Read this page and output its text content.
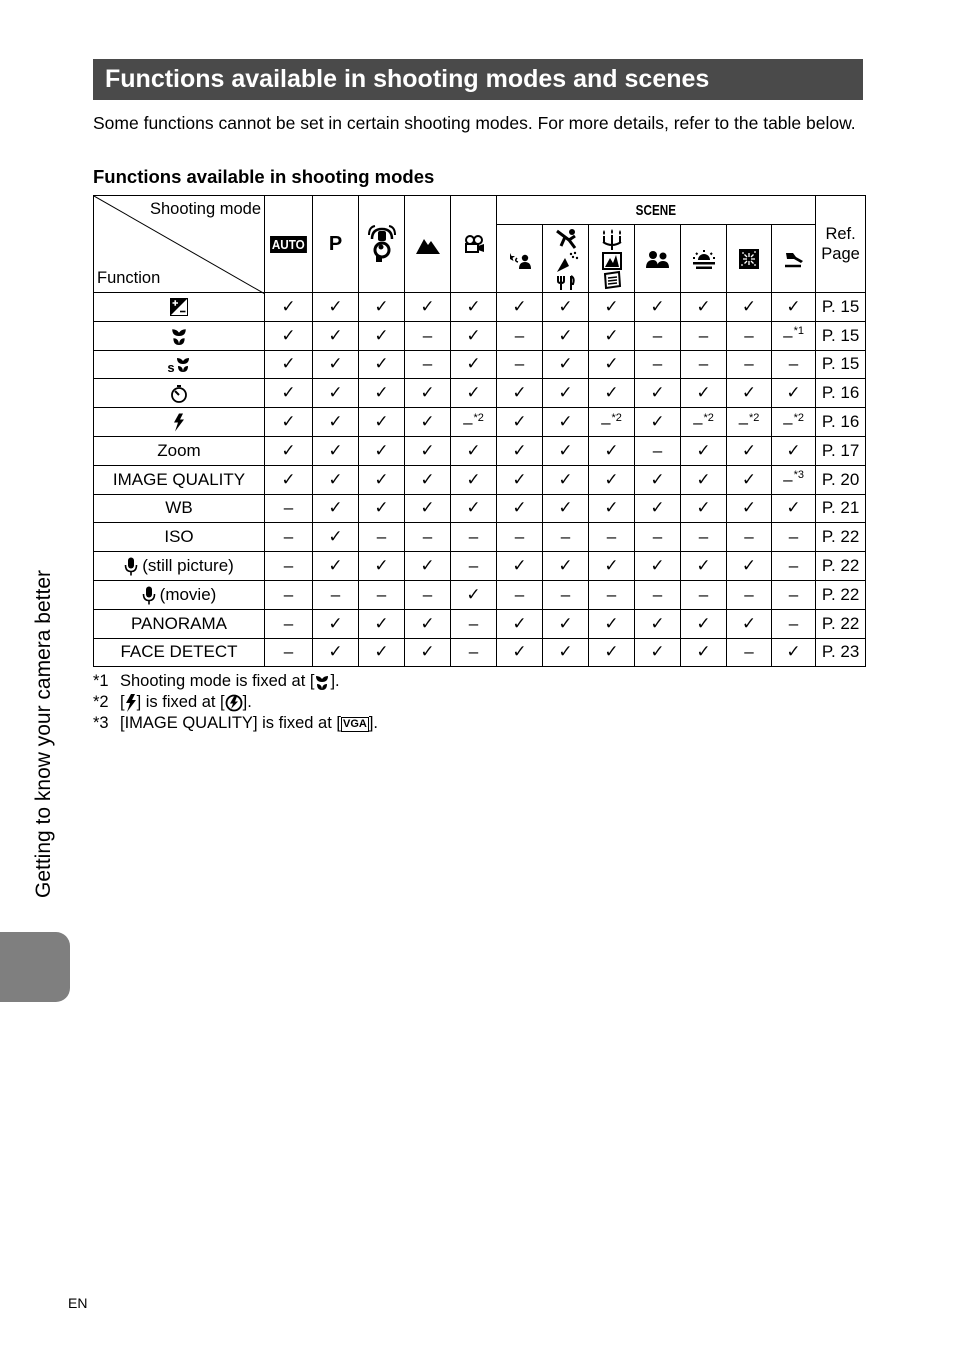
Functions available in shooting modes and scenes
Some functions cannot be set in certain shooting modes. For more details, refer to the table below.
Functions available in shooting modes
Shooting mode
Function	AUTO	P				SCENE							Ref. Page

	✓	✓	✓	✓	✓	✓	✓	✓	✓	✓	✓	✓	P. 15
	✓	✓	✓	–	✓	–	✓	✓	–	–	–	–$^{*1}$	P. 15
$_s$	✓	✓	✓	–	✓	–	✓	✓	–	–	–	–	P. 15
	✓	✓	✓	✓	✓	✓	✓	✓	✓	✓	✓	✓	P. 16
	✓	✓	✓	✓	–$^{*2}$	✓	✓	–$^{*2}$	✓	–$^{*2}$	–$^{*2}$	–$^{*2}$	P. 16
Zoom	✓	✓	✓	✓	✓	✓	✓	✓	–	✓	✓	✓	P. 17
IMAGE QUALITY	✓	✓	✓	✓	✓	✓	✓	✓	✓	✓	✓	–$^{*3}$	P. 20
WB	–	✓	✓	✓	✓	✓	✓	✓	✓	✓	✓	✓	P. 21
ISO	–	✓	–	–	–	–	–	–	–	–	–	–	P. 22
(still picture)	–	✓	✓	✓	–	✓	✓	✓	✓	✓	✓	–	P. 22
(movie)	–	–	–	–	✓	–	–	–	–	–	–	–	P. 22
PANORAMA	–	✓	✓	✓	–	✓	✓	✓	✓	✓	✓	–	P. 22
FACE DETECT	–	✓	✓	✓	–	✓	✓	✓	✓	✓	–	✓	P. 23
*1 Shooting mode is fixed at [ ].
*2 [ ] is fixed at [ ].
*3 [IMAGE QUALITY] is fixed at [ VGA ].
Getting to know your camera better
EN
